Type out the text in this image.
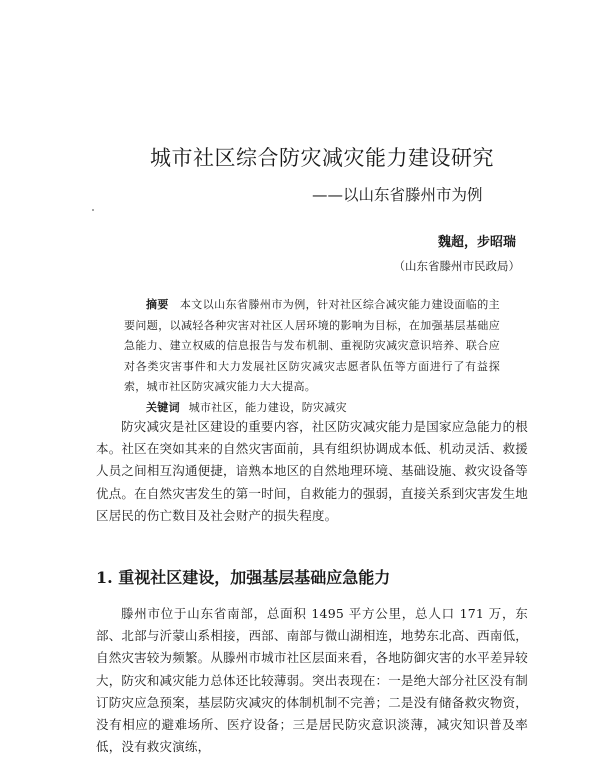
城市社区综合防灾减灾能力建设研究
——以山东省滕州市为例
魏超，步昭瑞
（山东省滕州市民政局）

摘要 本文以山东省滕州市为例，针对社区综合减灾能力建设面临的主要问题，以减轻各种灾害对社区人居环境的影响为目标，在加强基层基础应急能力、建立权威的信息报告与发布机制、重视防灾减灾意识培养、联合应对各类灾害事件和大力发展社区防灾减灾志愿者队伍等方面进行了有益探索，城市社区防灾减灾能力大大提高。

关键词 城市社区，能力建设，防灾减灾

防灾减灾是社区建设的重要内容，社区防灾减灾能力是国家应急能力的根本。社区在突如其来的自然灾害面前，具有组织协调成本低、机动灵活、救援人员之间相互沟通便捷，谙熟本地区的自然地理环境、基础设施、救灾设备等优点。在自然灾害发生的第一时间，自救能力的强弱，直接关系到灾害发生地区居民的伤亡数目及社会财产的损失程度。

1. 重视社区建设，加强基层基础应急能力

滕州市位于山东省南部，总面积 1495 平方公里，总人口 171 万，东部、北部与沂蒙山系相接，西部、南部与微山湖相连，地势东北高、西南低，自然灾害较为频繁。从滕州市城市社区层面来看，各地防御灾害的水平差异较大，防灾和减灾能力总体还比较薄弱。突出表现在：一是绝大部分社区没有制订防灾应急预案，基层防灾减灾的体制机制不完善；二是没有储备救灾物资，没有相应的避难场所、医疗设备；三是居民防灾意识淡薄，减灾知识普及率低，没有救灾演练，
